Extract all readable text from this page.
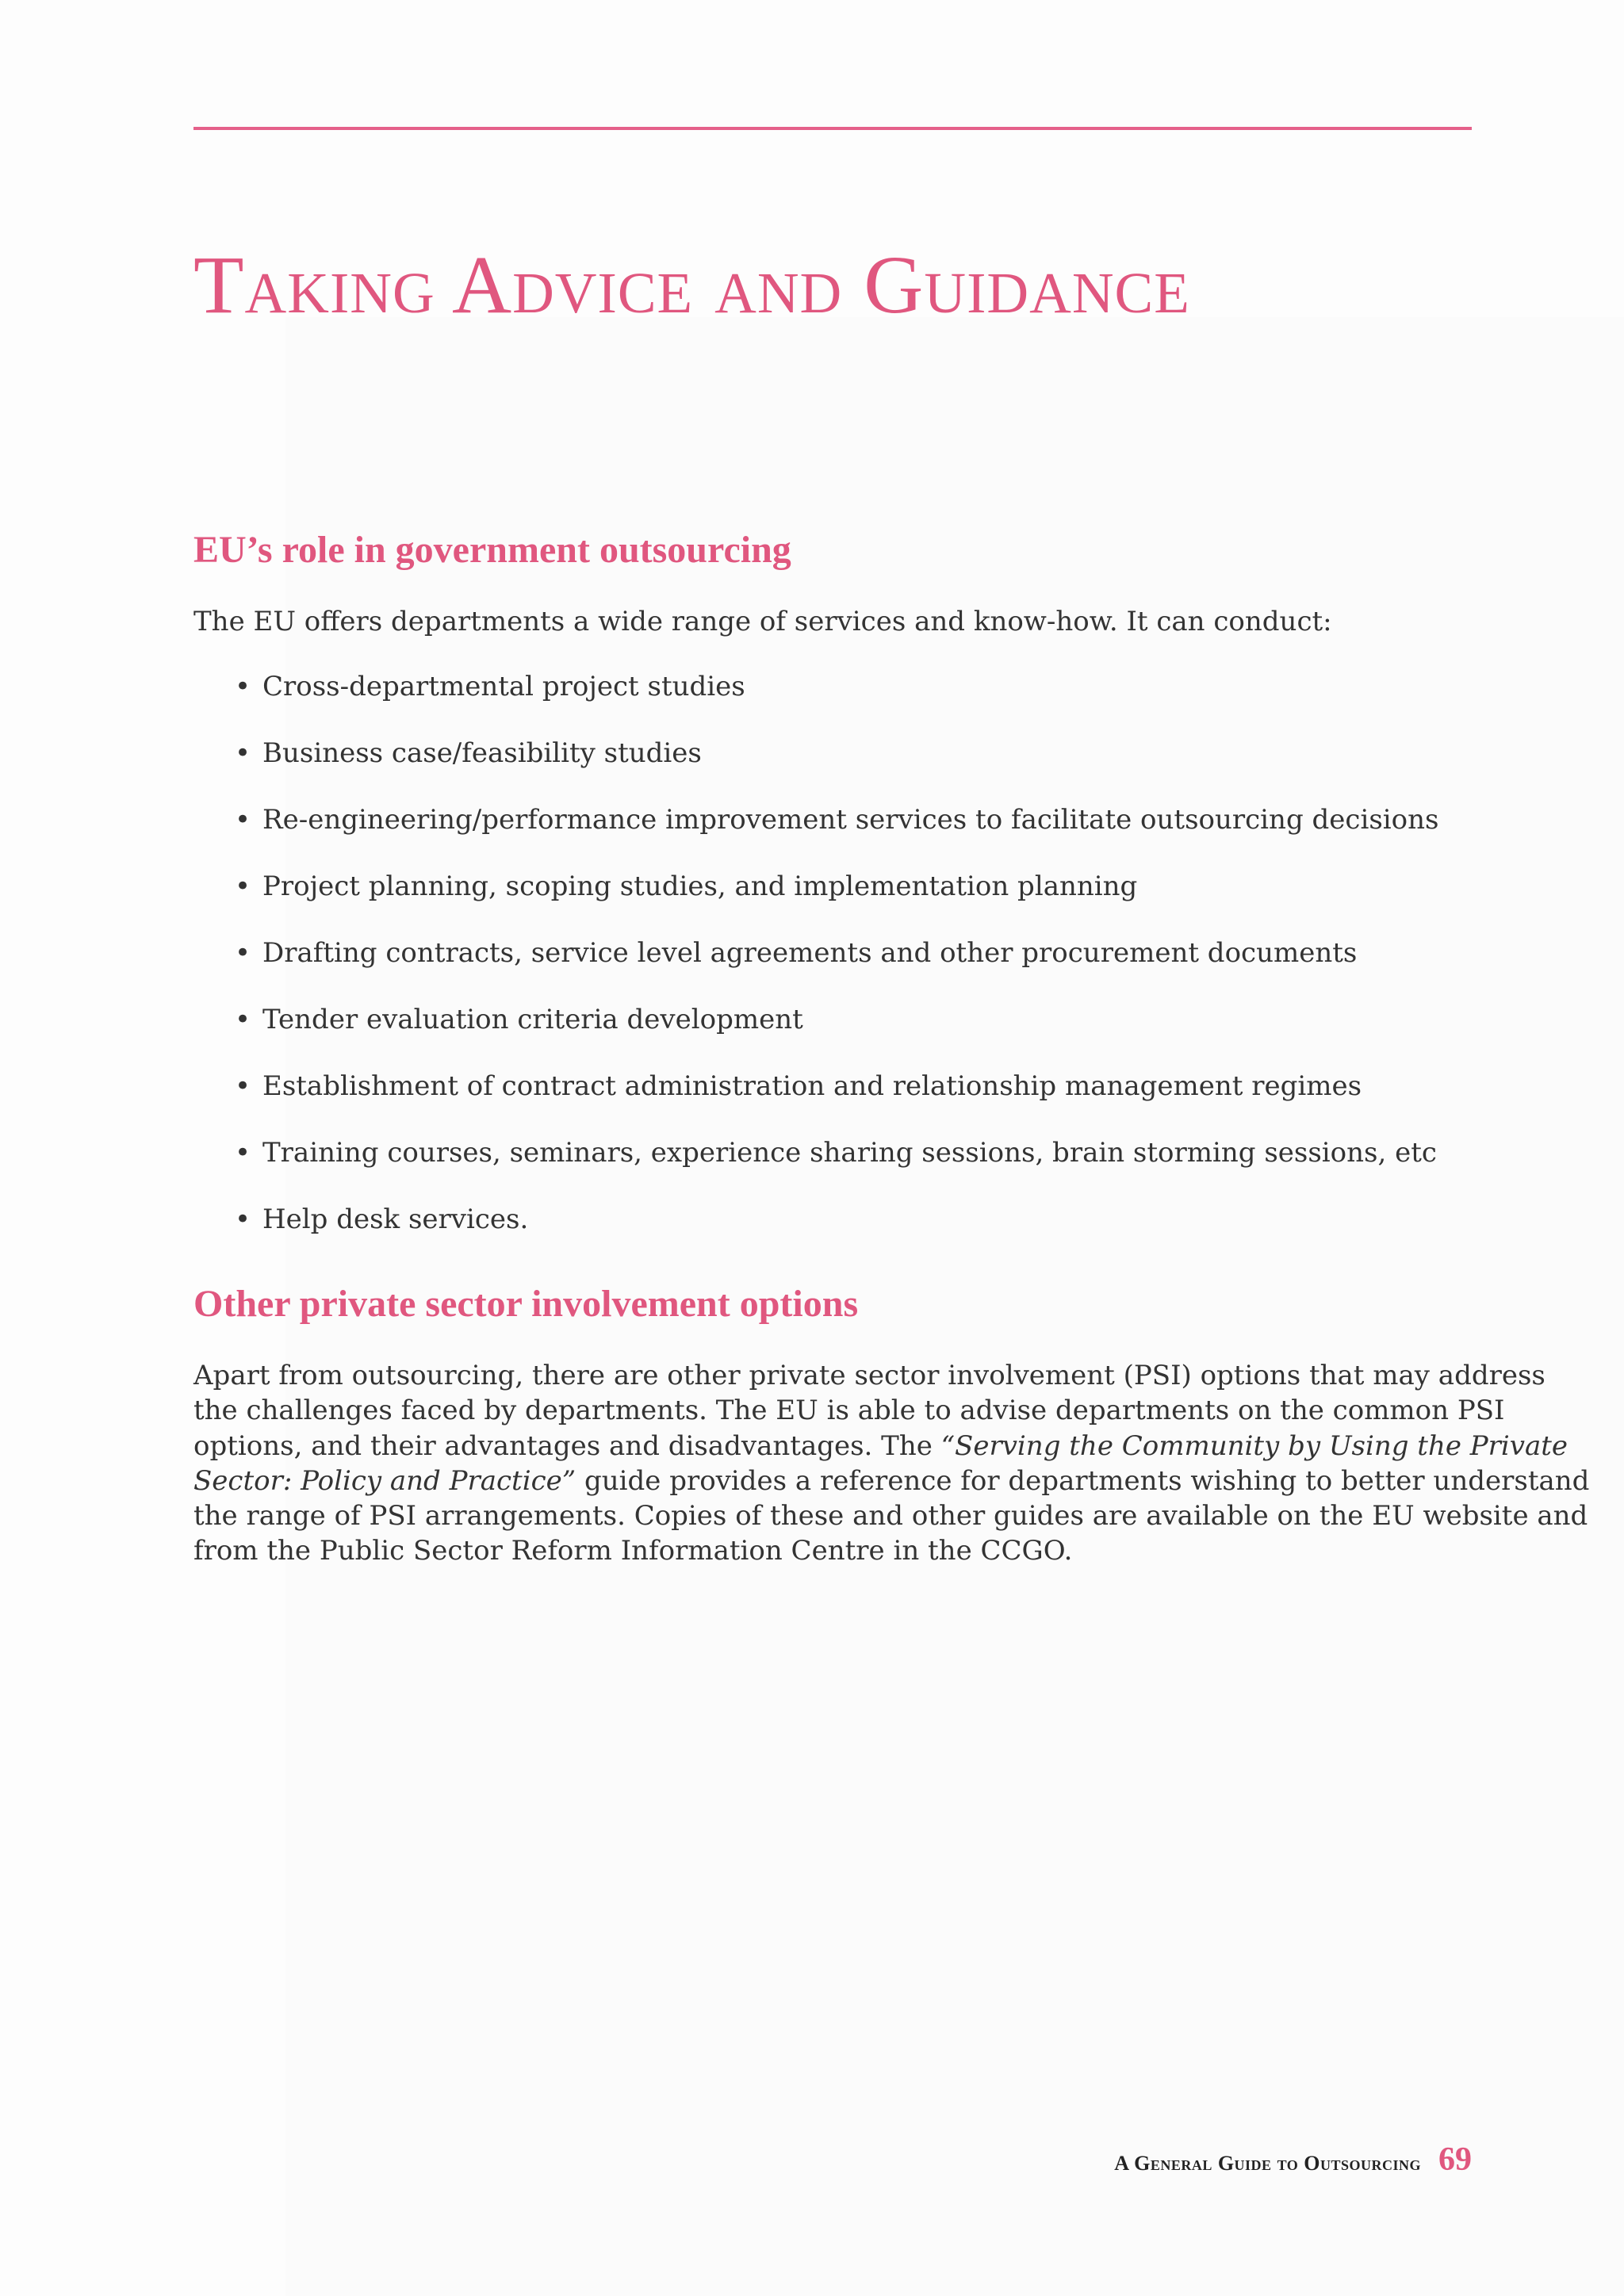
Taking Advice and Guidance
EU’s role in government outsourcing

The EU offers departments a wide range of services and know-how. It can conduct:

• Cross-departmental project studies
• Business case/feasibility studies
• Re-engineering/performance improvement services to facilitate outsourcing decisions
• Project planning, scoping studies, and implementation planning
• Drafting contracts, service level agreements and other procurement documents
• Tender evaluation criteria development
• Establishment of contract administration and relationship management regimes
• Training courses, seminars, experience sharing sessions, brain storming sessions, etc
• Help desk services.
Other private sector involvement options

Apart from outsourcing, there are other private sector involvement (PSI) options that may address
the challenges faced by departments. The EU is able to advise departments on the common PSI
options, and their advantages and disadvantages. The “Serving the Community by Using the Private
Sector: Policy and Practice” guide provides a reference for departments wishing to better understand
the range of PSI arrangements. Copies of these and other guides are available on the EU website and
from the Public Sector Reform Information Centre in the CCGO.

A General Guide to Outsourcing 69
